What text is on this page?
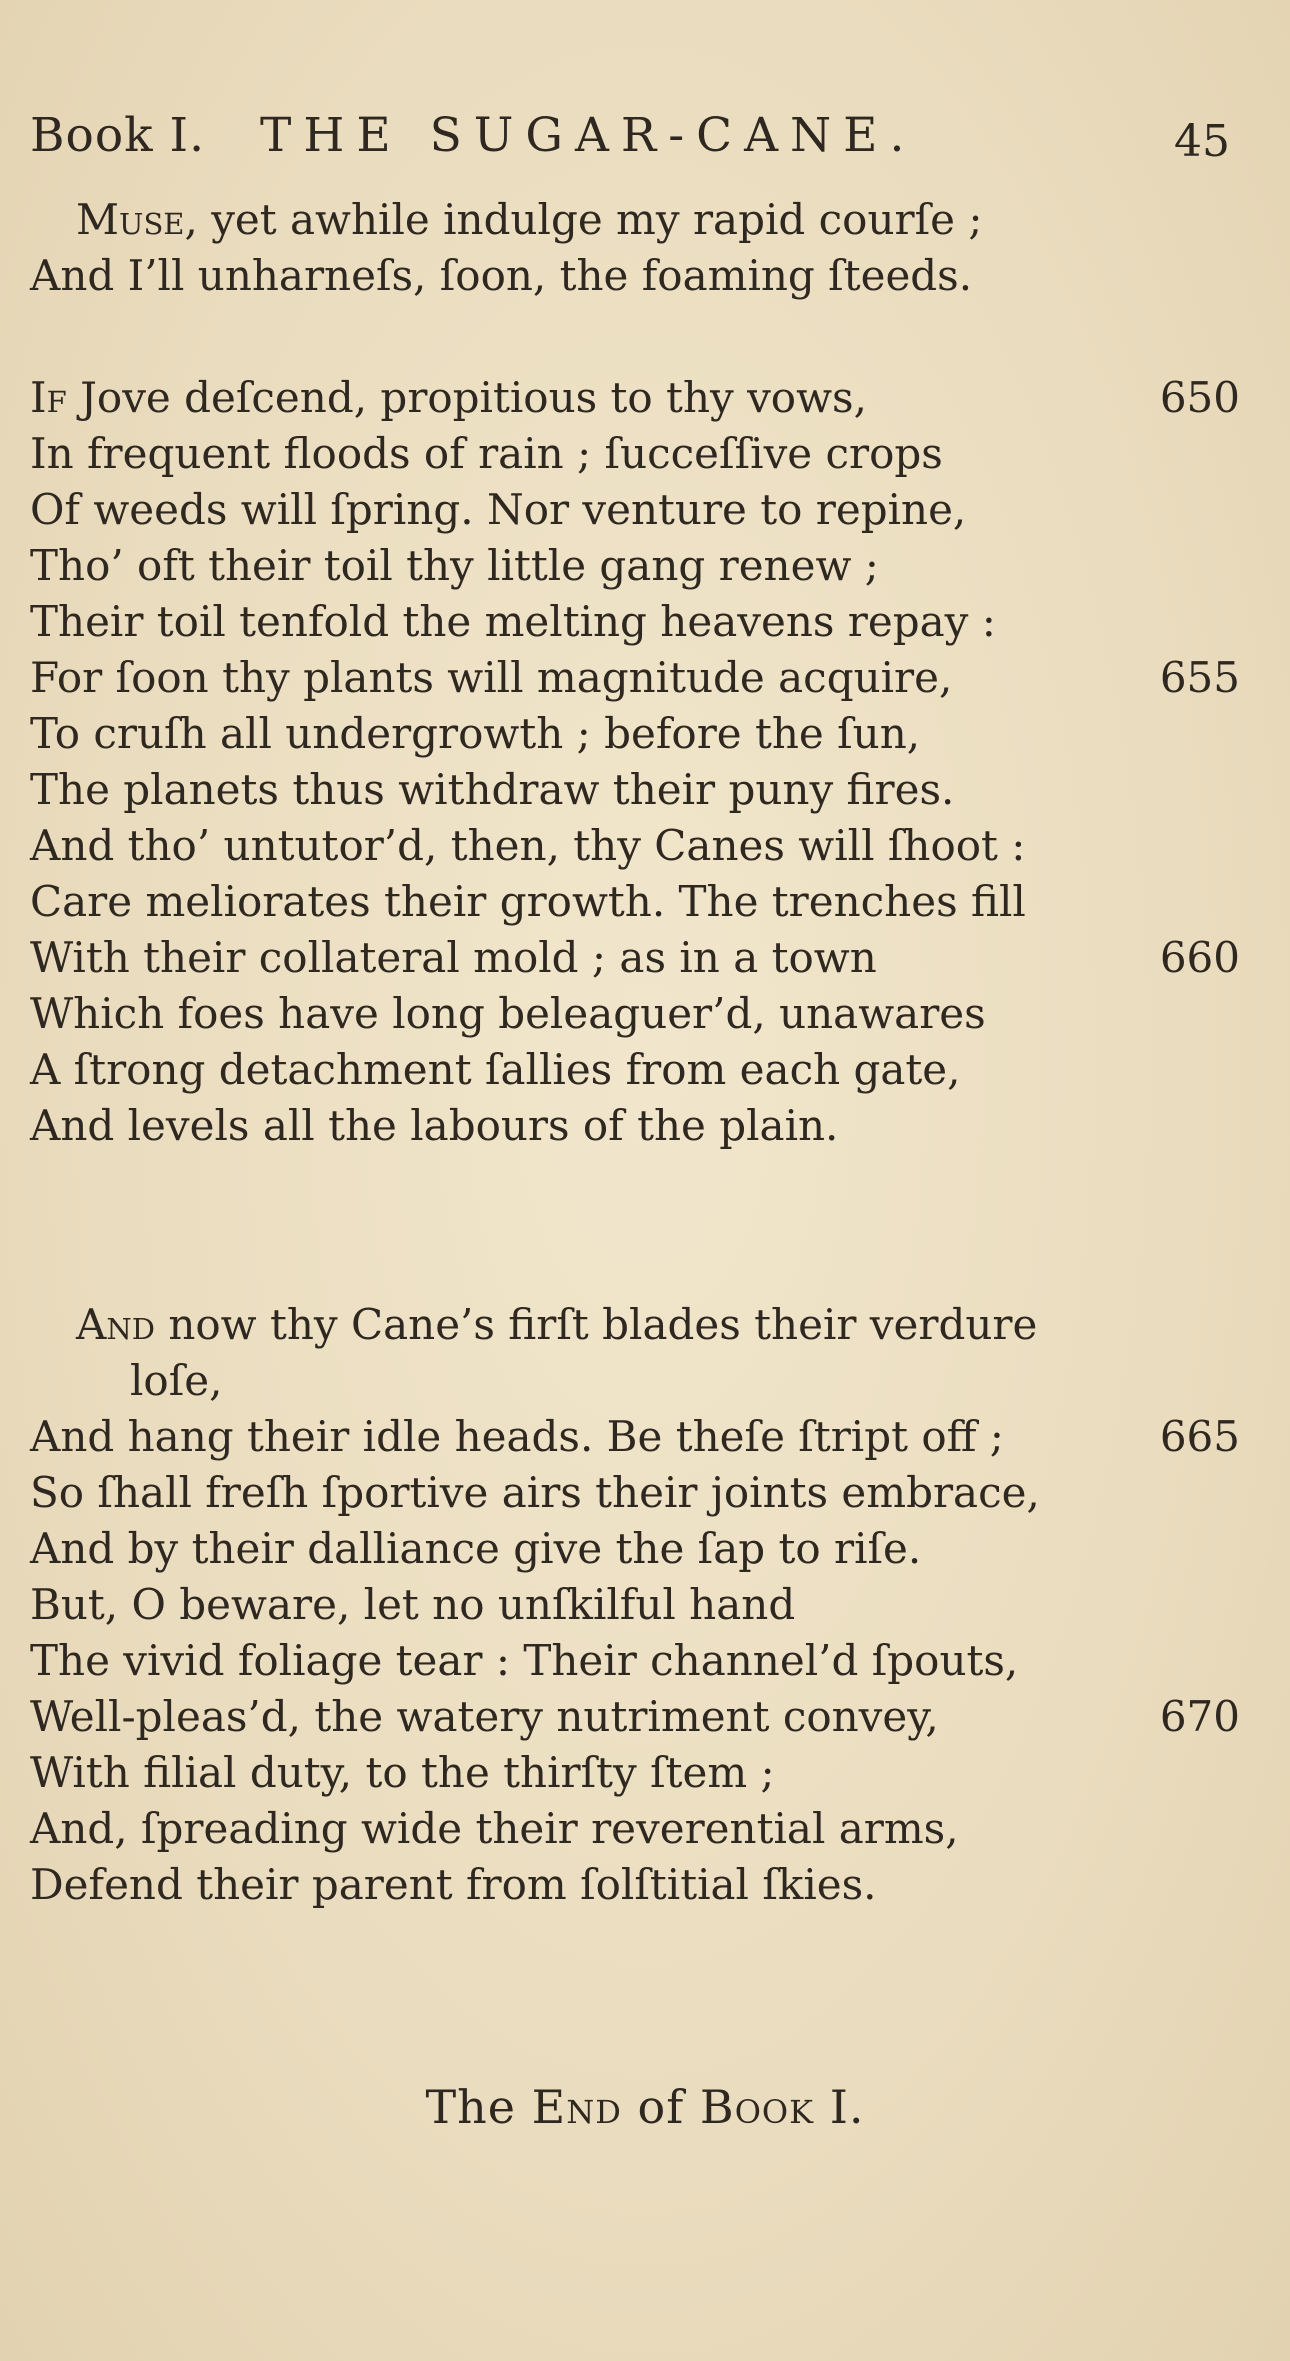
Book I. THE SUGAR-CANE.	45
Muse, yet awhile indulge my rapid courſe ;
And I’ll unharneſs, ſoon, the foaming ſteeds.
If Jove deſcend, propitious to thy vows,	650
In frequent floods of rain ; ſucceſſive crops
Of weeds will ſpring. Nor venture to repine,
Tho’ oft their toil thy little gang renew ;
Their toil tenfold the melting heavens repay :
For ſoon thy plants will magnitude acquire,	655
To cruſh all undergrowth ; before the ſun,
The planets thus withdraw their puny fires.
And tho’ untutor’d, then, thy Canes will ſhoot :
Care meliorates their growth. The trenches fill
With their collateral mold ; as in a town	660
Which foes have long beleaguer’d, unawares
A ſtrong detachment ſallies from each gate,
And levels all the labours of the plain.
And now thy Cane’s firſt blades their verdure
loſe,
And hang their idle heads. Be theſe ſtript off ;	665
So ſhall freſh ſportive airs their joints embrace,
And by their dalliance give the ſap to riſe.
But, O beware, let no unſkilful hand
The vivid foliage tear : Their channel’d ſpouts,
Well-pleas’d, the watery nutriment convey,	670
With filial duty, to the thirſty ſtem ;
And, ſpreading wide their reverential arms,
Defend their parent from ſolſtitial ſkies.
The End of Book I.
